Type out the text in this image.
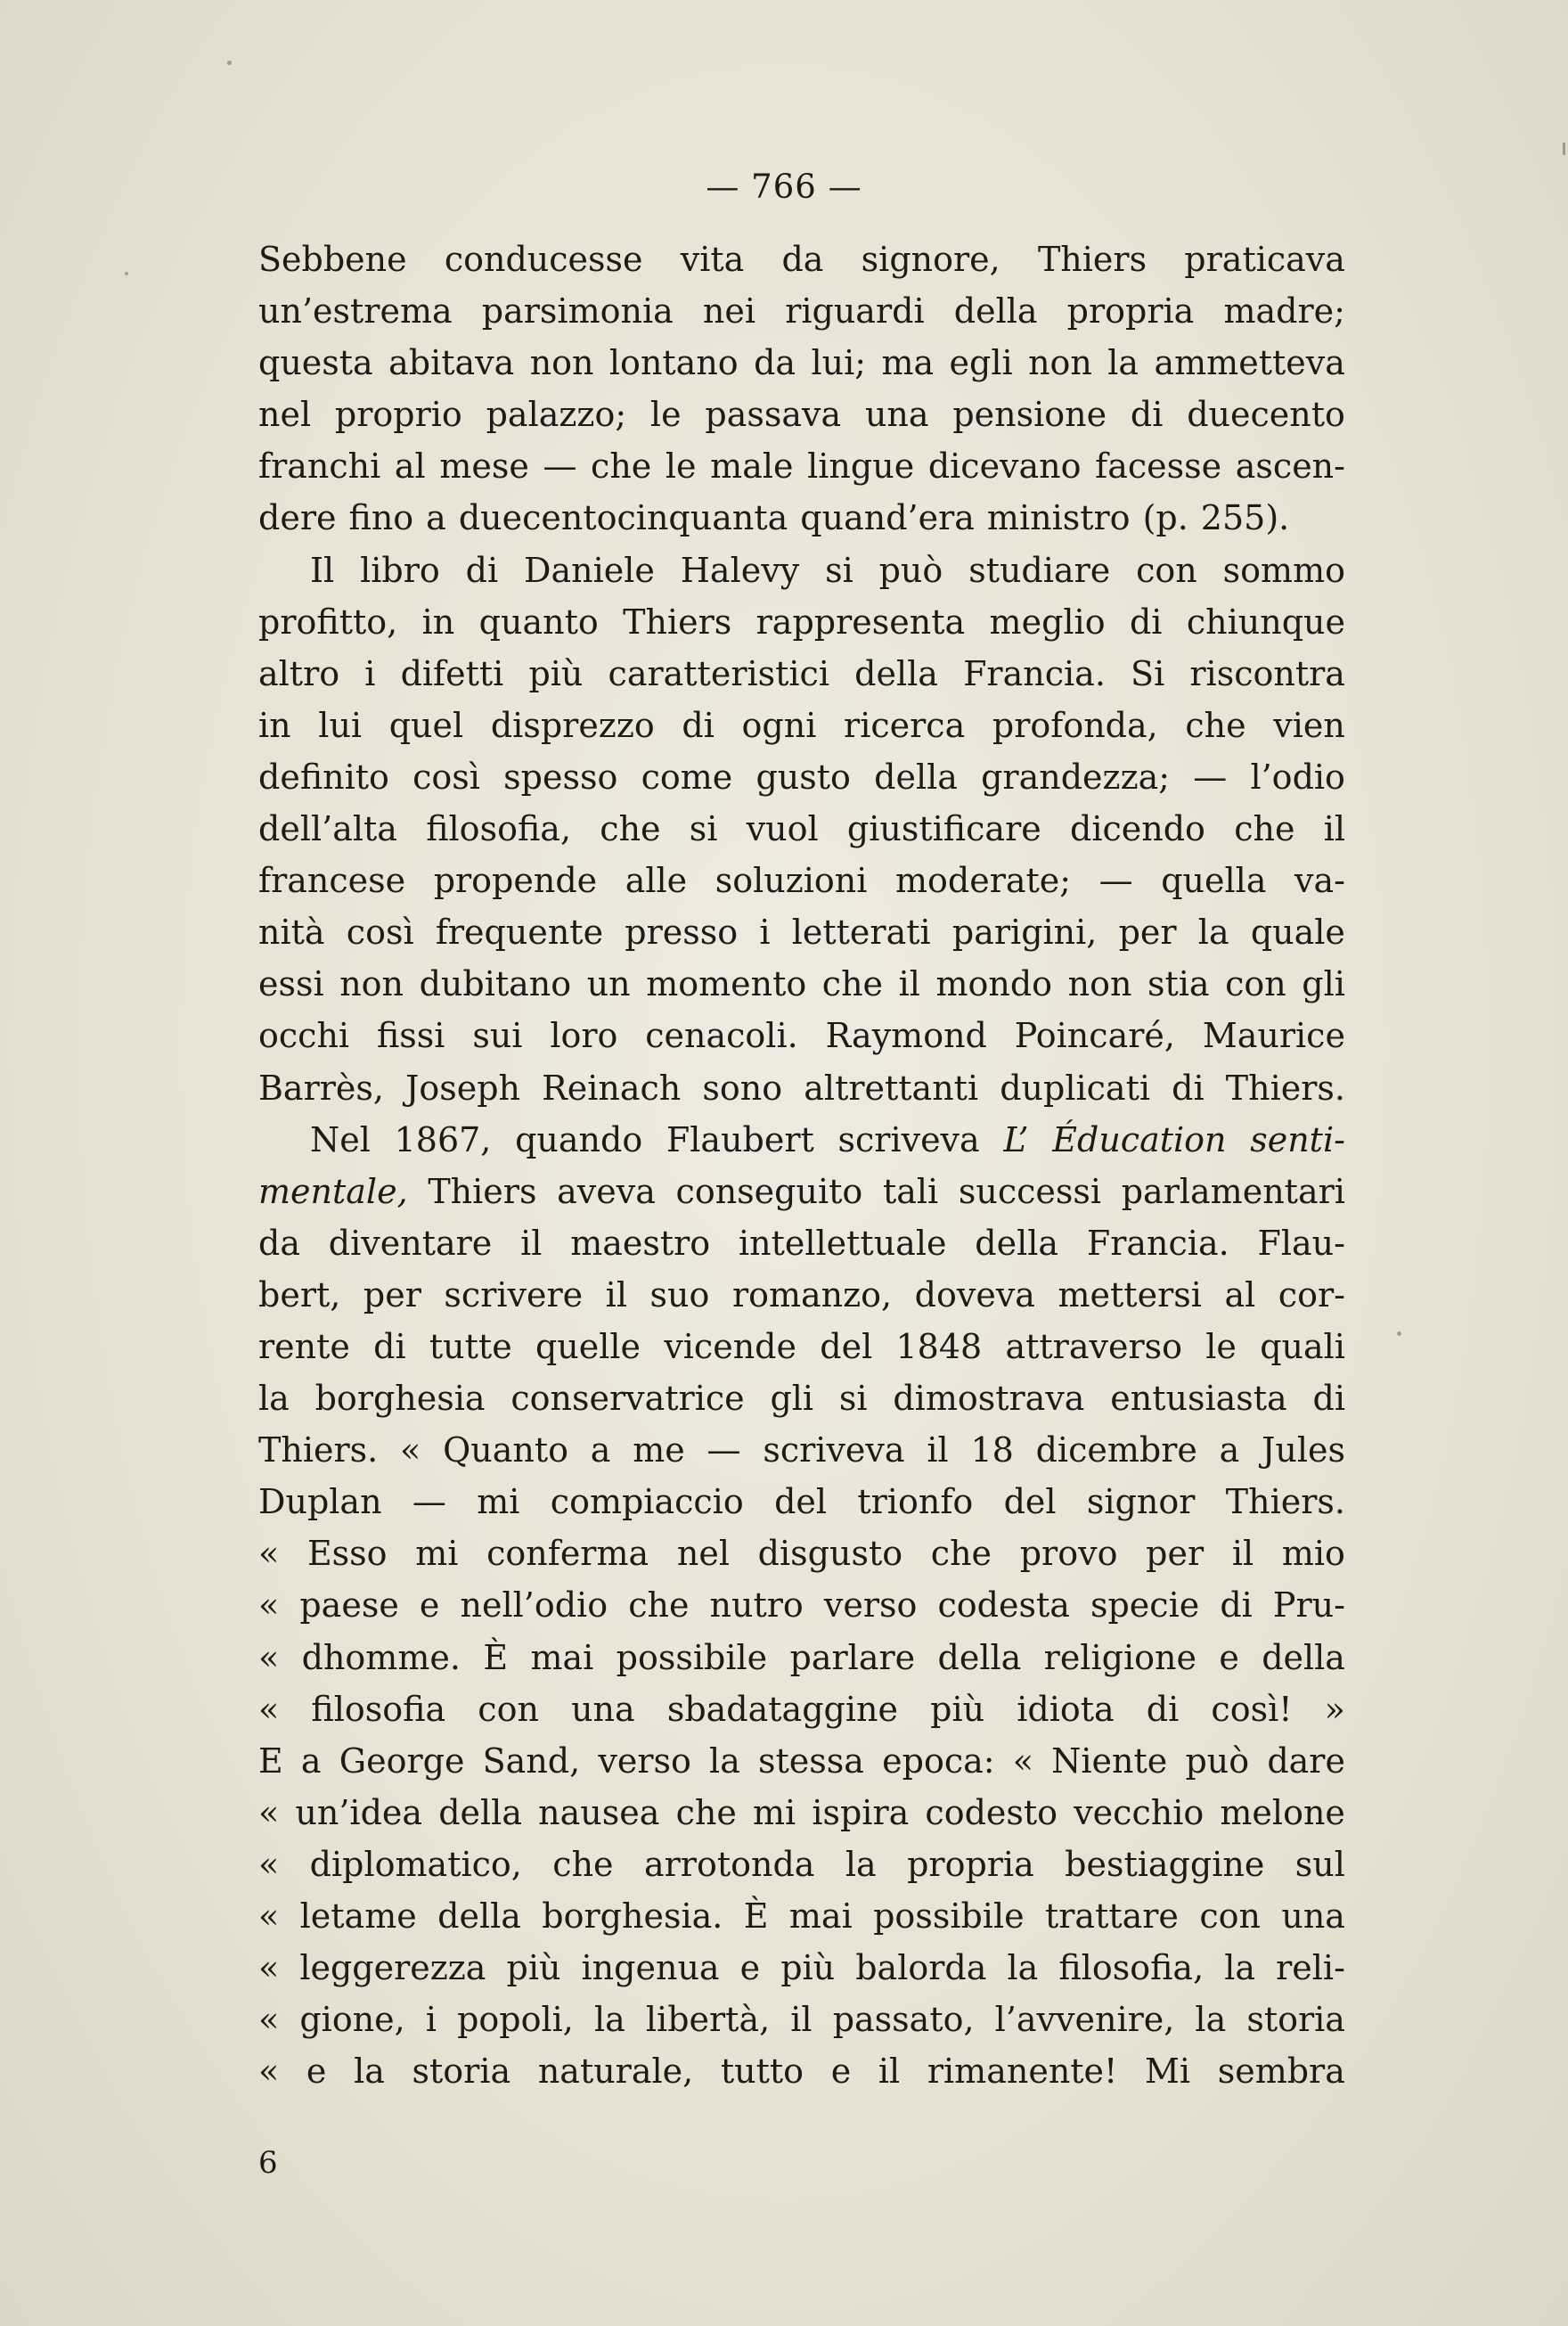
— 766 —
Sebbene conducesse vita da signore, Thiers praticava
un’estrema parsimonia nei riguardi della propria madre;
questa abitava non lontano da lui; ma egli non la ammetteva
nel proprio palazzo; le passava una pensione di duecento
franchi al mese — che le male lingue dicevano facesse ascen-
dere fino a duecentocinquanta quand’era ministro (p. 255).
Il libro di Daniele Halevy si può studiare con sommo
profitto, in quanto Thiers rappresenta meglio di chiunque
altro i difetti più caratteristici della Francia. Si riscontra
in lui quel disprezzo di ogni ricerca profonda, che vien
definito così spesso come gusto della grandezza; — l’odio
dell’alta filosofia, che si vuol giustificare dicendo che il
francese propende alle soluzioni moderate; — quella va-
nità così frequente presso i letterati parigini, per la quale
essi non dubitano un momento che il mondo non stia con gli
occhi fissi sui loro cenacoli. Raymond Poincaré, Maurice
Barrès, Joseph Reinach sono altrettanti duplicati di Thiers.
Nel 1867, quando Flaubert scriveva L’ Éducation senti-
mentale, Thiers aveva conseguito tali successi parlamentari
da diventare il maestro intellettuale della Francia. Flau-
bert, per scrivere il suo romanzo, doveva mettersi al cor-
rente di tutte quelle vicende del 1848 attraverso le quali
la borghesia conservatrice gli si dimostrava entusiasta di
Thiers. « Quanto a me — scriveva il 18 dicembre a Jules
Duplan — mi compiaccio del trionfo del signor Thiers.
« Esso mi conferma nel disgusto che provo per il mio
« paese e nell’odio che nutro verso codesta specie di Pru-
« dhomme. È mai possibile parlare della religione e della
« filosofia con una sbadataggine più idiota di così! »
E a George Sand, verso la stessa epoca: « Niente può dare
« un’idea della nausea che mi ispira codesto vecchio melone
« diplomatico, che arrotonda la propria bestiaggine sul
« letame della borghesia. È mai possibile trattare con una
« leggerezza più ingenua e più balorda la filosofia, la reli-
« gione, i popoli, la libertà, il passato, l’avvenire, la storia
« e la storia naturale, tutto e il rimanente! Mi sembra
6
